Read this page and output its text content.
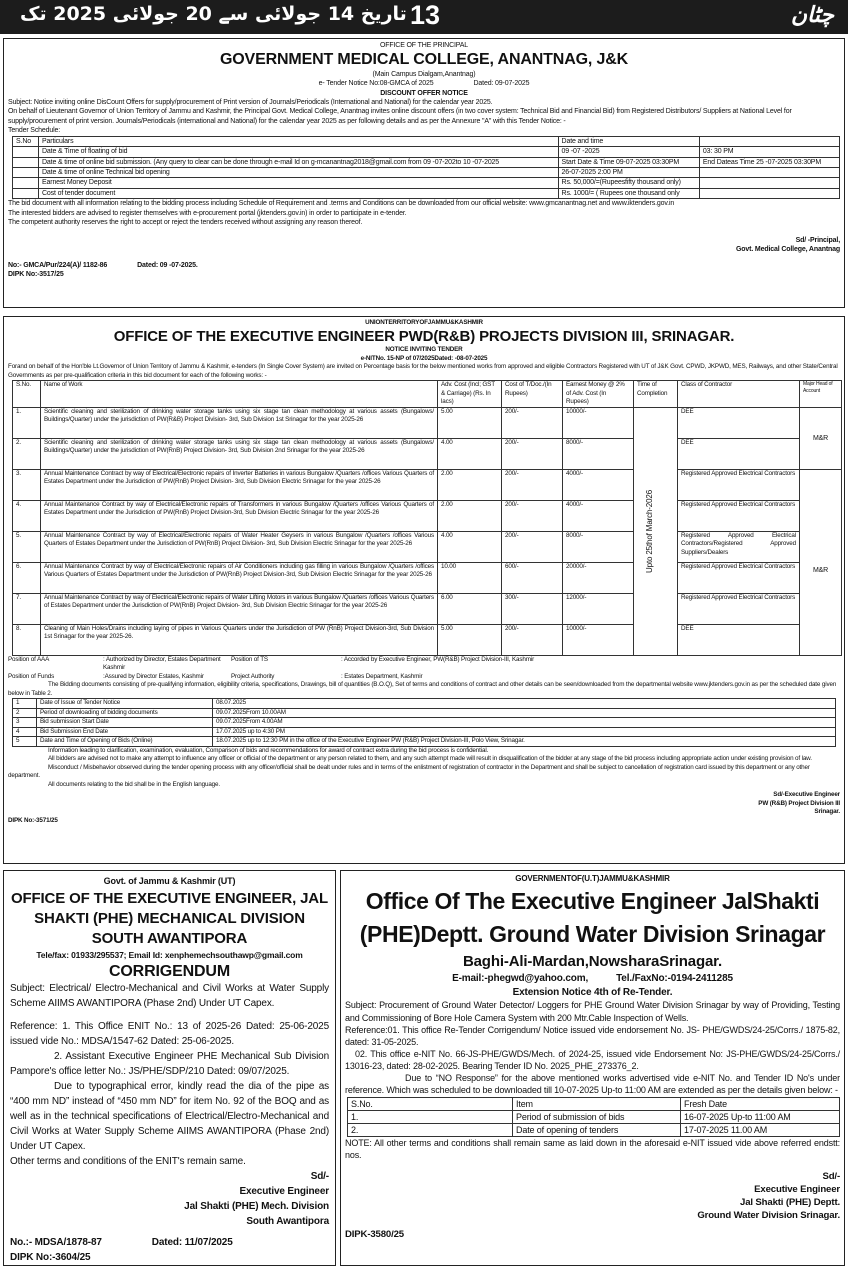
تاریخ 14 جولائی سے 20 جولائی 2025 تک 13	چٹان
OFFICE OF THE PRINCIPAL
GOVERNMENT MEDICAL COLLEGE, ANANTNAG, J&K
(Main Campus Dialgam,Anantnag)
e- Tender Notice No:08-GMCA of 2025	Dated: 09-07-2025
DISCOUNT OFFER NOTICE
Subject: Notice inviting online DisCount Offers for supply/procurement of Print version of Journals/Periodicals (International and National) for the calendar year 2025.
On behalf of Lieutenant Governor of Union Territory of Jammu and Kashmir, the Principal Govt. Medical College, Anantnag invites online discount offers (in two cover system: Technical Bid and Financial Bid) from Registered Distributors/ Suppliers at National Level for supply/procurement of print version. Journals/Periodicals (international and National) for the calendar year 2025 as per following details and as per the Annexure "A" with this Tender Notice: -
Tender Schedule:
S.No	Particulars	Date and time	
	Date & Time of floating of bid	09 -07 -2025	03: 30 PM
	Date & time of online bid submission. (Any query to clear can be done through e-mail Id on g-mcanantnag2018@gmail.com from 09 -07-202to 10 -07-2025	Start Date & Time 09-07-2025 03:30PM	End Dateas Time 25 -07-2025 03:30PM
	Date & time of online Technical bid opening	26-07-2025 2:00 PM	
	Earnest Money Deposit	Rs. 50,000/=(Rupeesfifty thousand only)	
	Cost of tender document	Rs. 1000/= ( Rupees one thousand only	
The bid document with all information relating to the bidding process including Schedule of Requirement and .terms and Conditions can be downloaded from our official website: www.gmcanantnag.net and www.iktenders.gov.in
The interested bidders are advised to register themselves with e-procurement portal (jktenders.gov.in) in order to participate in e-tender.
The competent authority reserves the right to accept or reject the tenders received without assigning any reason thereof.
Sd/ -Principal,
Govt. Medical College, Anantnag
No:- GMCA/Pur/224(A)/ 1182-86	Dated: 09 -07-2025.
DIPK No:-3517/25
UNIONTERRITORYOFJAMMU&KASHMIR
OFFICE OF THE EXECUTIVE ENGINEER PWD(R&B) PROJECTS DIVISION III, SRINAGAR.
NOTICE INVITING TENDER
e-NITNo. 15-NP of 07/2025Dated: -08-07-2025
Forand on behalf of the Hon'ble Lt.Governor of Union Territory of Jammu & Kashmir, e-tenders (In Single Cover System) are invited on Percentage basis for the below mentioned works from approved and eligible Contractors Registered with UT of J&K Govt. CPWD, JKPWD, MES, Railways, and other State/Central Governments as per pre-qualification criteria in this bid document for each of the following works: -
S.No.	Name of Work	Adv. Cost (Incl; GST & Carriage) (Rs. In lacs)	Cost of T/Doc./(In Rupees)	Earnest Money @ 2% of Adv. Cost (In Rupees)	Time of Completion	Class of Contractor	Major Head of Account
1.	Scientific cleaning and sterilization of drinking water storage tanks using six stage tan clean methodology at various assets (Bungalows/ Buildings/Quarter) under the jurisdiction of PW(R&B) Project Division- 3rd, Sub Division 1st Srinagar for the year 2025-26	5.00	200/-	10000/-	Upto 25thof March-2026	DEE	M&R
2.	Scientific cleaning and sterilization of drinking water storage tanks using six stage tan clean methodology at various assets (Bungalows/ Buildings/Quarter) under the jurisdiction of PW(RnB) Project Division- 3rd, Sub Division 2nd Srinagar for the year 2025-26	4.00	200/-	8000/-		DEE	
3.	Annual Maintenance Contract by way of Electrical/Electronic repairs of Inverter Batteries in various Bungalow /Quarters /offices Various Quarters of Estates Department under the Jurisdiction of PW(RnB) Project Division- 3rd, Sub Division Electric Srinagar for the year 2025-26	2.00	200/-	4000/-		Registered Approved Electrical Contractors	M&R
4.	Annual Maintenance Contract by way of Electrical/Electronic repairs of Transformers in various Bungalow /Quarters /offices Various Quarters of Estates Department under the Jurisdiction of PW(RnB) Project Division-3rd, Sub Division Electric Srinagar for the year 2025-26	2.00	200/-	4000/-		Registered Approved Electrical Contractors	
5.	Annual Maintenance Contract by way of Electrical/Electronic repairs of Water Heater Geysers in various Bungalow /Quarters /offices Various Quarters of Estates Department under the Jurisdiction of PW(RnB) Project Division- 3rd, Sub Division Electric Srinagar for the year 2025-26	4.00	200/-	8000/-		Registered Approved Electrical Contractors/Registered Approved Suppliers/Dealers	
6.	Annual Maintenance Contract by way of Electrical/Electronic repairs of Air Conditioners including gas filling in various Bungalow /Quarters /offices Various Quarters of Estates Department under the Jurisdiction of PW(RnB) Project Division-3rd, Sub Division Electric Srinagar for the year 2025-26	10.00	600/-	20000/-		Registered Approved Electrical Contractors	
7.	Annual Maintenance Contract by way of Electrical/Electronic repairs of Water Lifting Motors in various Bungalow /Quarters /offices Various Quarters of Estates Department under the Jurisdiction of PW(RnB) Project Division- 3rd, Sub Division Electric Srinagar for the year 2025-26	6.00	300/-	12000/-		Registered Approved Electrical Contractors	
8.	Cleaning of Main Holes/Drains including laying of pipes in Various Quarters under the Jurisdiction of PW (RnB) Project Division-3rd, Sub Division 1st Srinagar for the year 2025-26.	5.00	200/-	10000/-		DEE	
Position of AAA	: Authorized by Director, Estates Department Kashmir
Position of TS	: Accorded by Executive Engineer, PW(R&B) Project Division-III, Kashmir
Position of Funds	:Assured by Director Estates, Kashmir	Project Authority	: Estates Department, Kashmir
The Bidding documents consisting of pre-qualifying information, eligibility criteria, specifications, Drawings, bill of quantities (B.O.Q), Set of terms and conditions of contract and other details can be seen/downloaded from the departmental website www.jktenders.gov.in as per the scheduled date given below in Table 2.
1	Date of Issue of Tender Notice	08.07.2025
2	Period of downloading of bidding documents	09.07.2025From 10.00AM
3	Bid submission Start Date	09.07.2025From 4.00AM
4	Bid Submission End Date	17.07.2025 up to 4:30 PM
5	Date and Time of Opening of Bids (Online)	18.07.2025 up to 12:30 PM in the office of the Executive Engineer PW (R&B) Project Division-III, Polo View, Srinagar.
Information leading to clarification, examination, evaluation, Comparison of bids and recommendations for award of contract extra during the bid process is confidential.
All bidders are advised not to make any attempt to influence any officer or official of the department or any person related to them, and any such attempt made will result in disqualification of the bidder at any stage of the bid process including appropriate action under existing provision of law.
Misconduct / Misbehavior observed during the tender opening process with any officer/official shall be dealt under rules and in terms of the enlistment of registration of contractor in the Department and shall be subject to cancellation of registration card issued by this department or any other department.
All documents relating to the bid shall be in the English language.
Sd/-Executive Engineer
PW (R&B) Project Division III
Srinagar.
DIPK No:-3571/25
Govt. of Jammu & Kashmir (UT)
OFFICE OF THE EXECUTIVE ENGINEER, JAL SHAKTI (PHE) MECHANICAL DIVISION SOUTH AWANTIPORA
Tele/fax: 01933/295537; Email Id: xenphemechsouthawp@gmail.com
CORRIGENDUM
Subject: Electrical/ Electro-Mechanical and Civil Works at Water Supply Scheme AIIMS AWANTIPORA (Phase 2nd) Under UT Capex.
Reference: 1. This Office ENIT No.: 13 of 2025-26 Dated: 25-06-2025 issued vide No.: MDSA/1547-62 Dated: 25-06-2025.
2. Assistant Executive Engineer PHE Mechanical Sub Division Pampore's office letter No.: JS/PHE/SDP/210 Dated: 09/07/2025.
Due to typographical error, kindly read the dia of the pipe as “400 mm ND” instead of “450 mm ND” for item No. 92 of the BOQ and as well as in the technical specifications of Electrical/Electro-Mechanical and Civil Works at Water Supply Scheme AIIMS AWANTIPORA (Phase 2nd) Under UT Capex.
Other terms and conditions of the ENIT's remain same.
Sd/-
Executive Engineer
Jal Shakti (PHE) Mech. Division
South Awantipora
No.:- MDSA/1878-87	Dated: 11/07/2025
DIPK No:-3604/25
GOVERNMENTOF(U.T)JAMMU&KASHMIR
Office Of The Executive Engineer JalShakti (PHE)Deptt. Ground Water Division Srinagar
Baghi-Ali-Mardan,NowsharaSrinagar.
E-mail:-phegwd@yahoo.com,	Tel./FaxNo:-0194-2411285
Extension Notice 4th of Re-Tender.
Subject: Procurement of Ground Water Detector/ Loggers for PHE Ground Water Division Srinagar by way of Providing, Testing and Commissioning of Bore Hole Camera System with 200 Mtr.Cable Inspection of Wells.
Reference:01. This office Re-Tender Corrigendum/ Notice issued vide endorsement No. JS- PHE/GWDS/24-25/Corrs./ 1875-82, dated: 31-05-2025.
02. This office e-NIT No. 66-JS-PHE/GWDS/Mech. of 2024-25, issued vide Endorsement No: JS-PHE/GWDS/24-25/Corrs./ 13016-23, dated: 28-02-2025. Bearing Tender ID No. 2025_PHE_273376_2.
Due to “NO Response” for the above mentioned works advertised vide e-NIT No. and Tender ID No's under reference. Which was scheduled to be downloaded till 10-07-2025 Up-to 11:00 AM are extended as per the details given below: -
S.No.	Item	Fresh Date
1.	Period of submission of bids	16-07-2025 Up-to 11:00 AM
2.	Date of opening of tenders	17-07-2025 11.00 AM
NOTE: All other terms and conditions shall remain same as laid down in the aforesaid e-NIT issued vide above referred endstt: nos.
Sd/-
Executive Engineer
Jal Shakti (PHE) Deptt.
Ground Water Division Srinagar.
DIPK-3580/25
